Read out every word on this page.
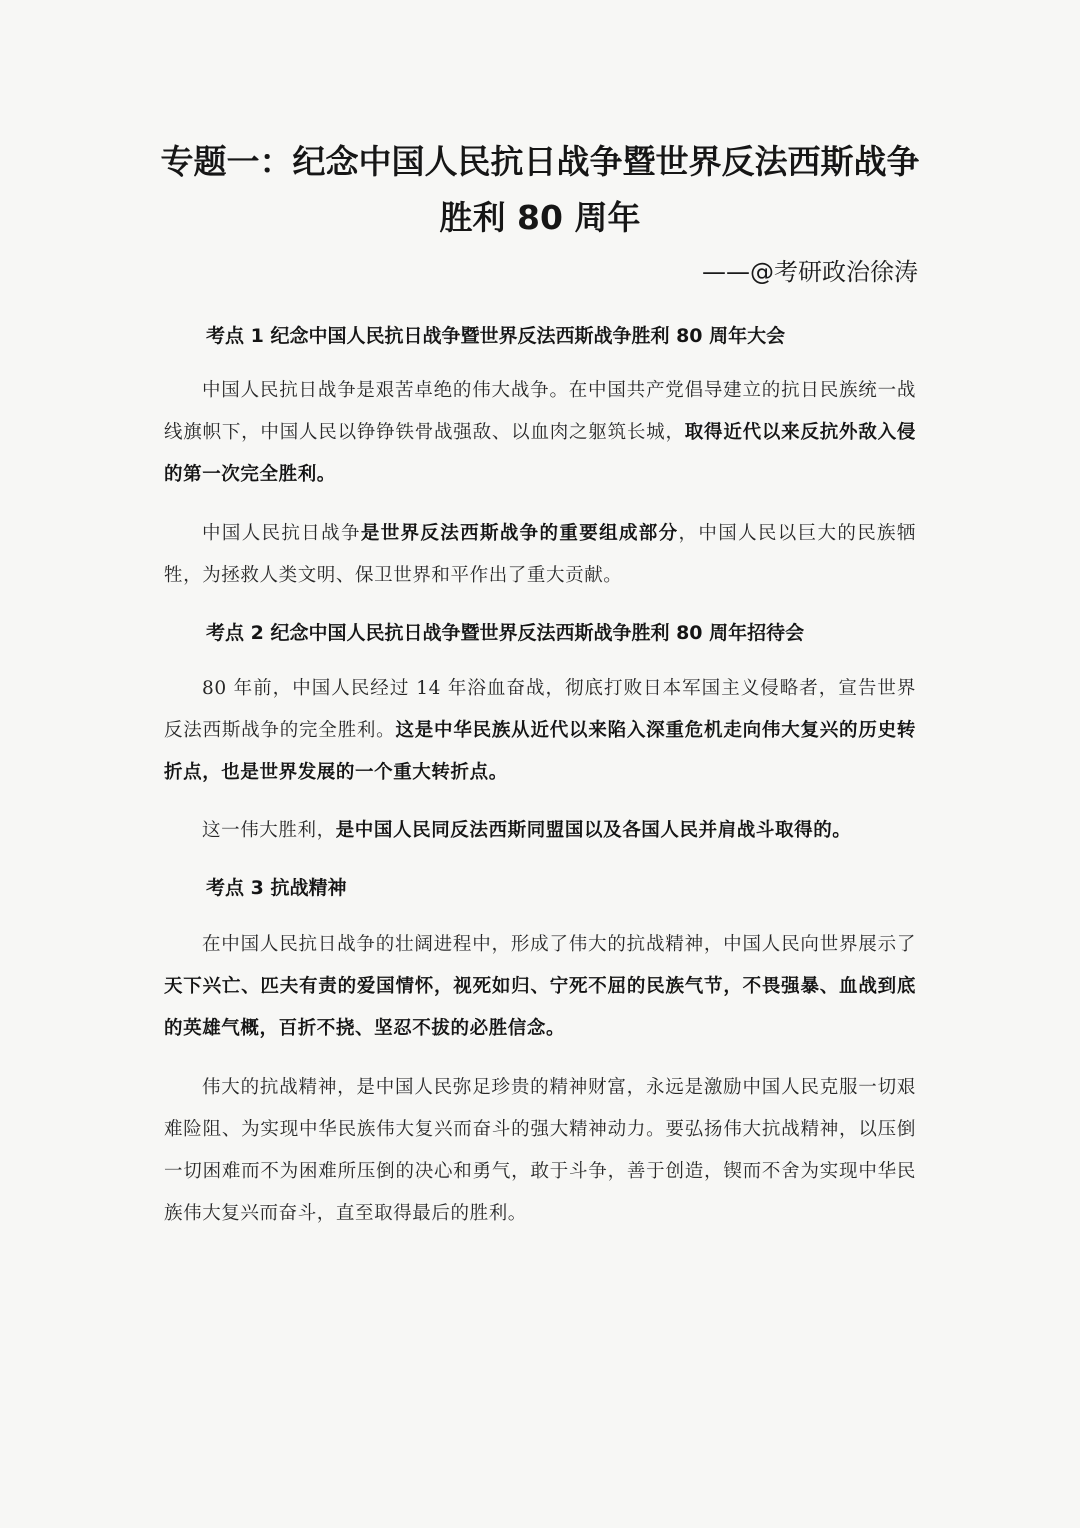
专题一：纪念中国人民抗日战争暨世界反法西斯战争
胜利 80 周年
——@考研政治徐涛
考点 1 纪念中国人民抗日战争暨世界反法西斯战争胜利 80 周年大会

中国人民抗日战争是艰苦卓绝的伟大战争。在中国共产党倡导建立的抗日民族统一战线旗帜下，中国人民以铮铮铁骨战强敌、以血肉之躯筑长城，取得近代以来反抗外敌入侵的第一次完全胜利。

中国人民抗日战争是世界反法西斯战争的重要组成部分，中国人民以巨大的民族牺牲，为拯救人类文明、保卫世界和平作出了重大贡献。

考点 2 纪念中国人民抗日战争暨世界反法西斯战争胜利 80 周年招待会

80 年前，中国人民经过 14 年浴血奋战，彻底打败日本军国主义侵略者，宣告世界反法西斯战争的完全胜利。这是中华民族从近代以来陷入深重危机走向伟大复兴的历史转折点，也是世界发展的一个重大转折点。

这一伟大胜利，是中国人民同反法西斯同盟国以及各国人民并肩战斗取得的。

考点 3 抗战精神

在中国人民抗日战争的壮阔进程中，形成了伟大的抗战精神，中国人民向世界展示了天下兴亡、匹夫有责的爱国情怀，视死如归、宁死不屈的民族气节，不畏强暴、血战到底的英雄气概，百折不挠、坚忍不拔的必胜信念。

伟大的抗战精神，是中国人民弥足珍贵的精神财富，永远是激励中国人民克服一切艰难险阻、为实现中华民族伟大复兴而奋斗的强大精神动力。要弘扬伟大抗战精神，以压倒一切困难而不为困难所压倒的决心和勇气，敢于斗争，善于创造，锲而不舍为实现中华民族伟大复兴而奋斗，直至取得最后的胜利。
